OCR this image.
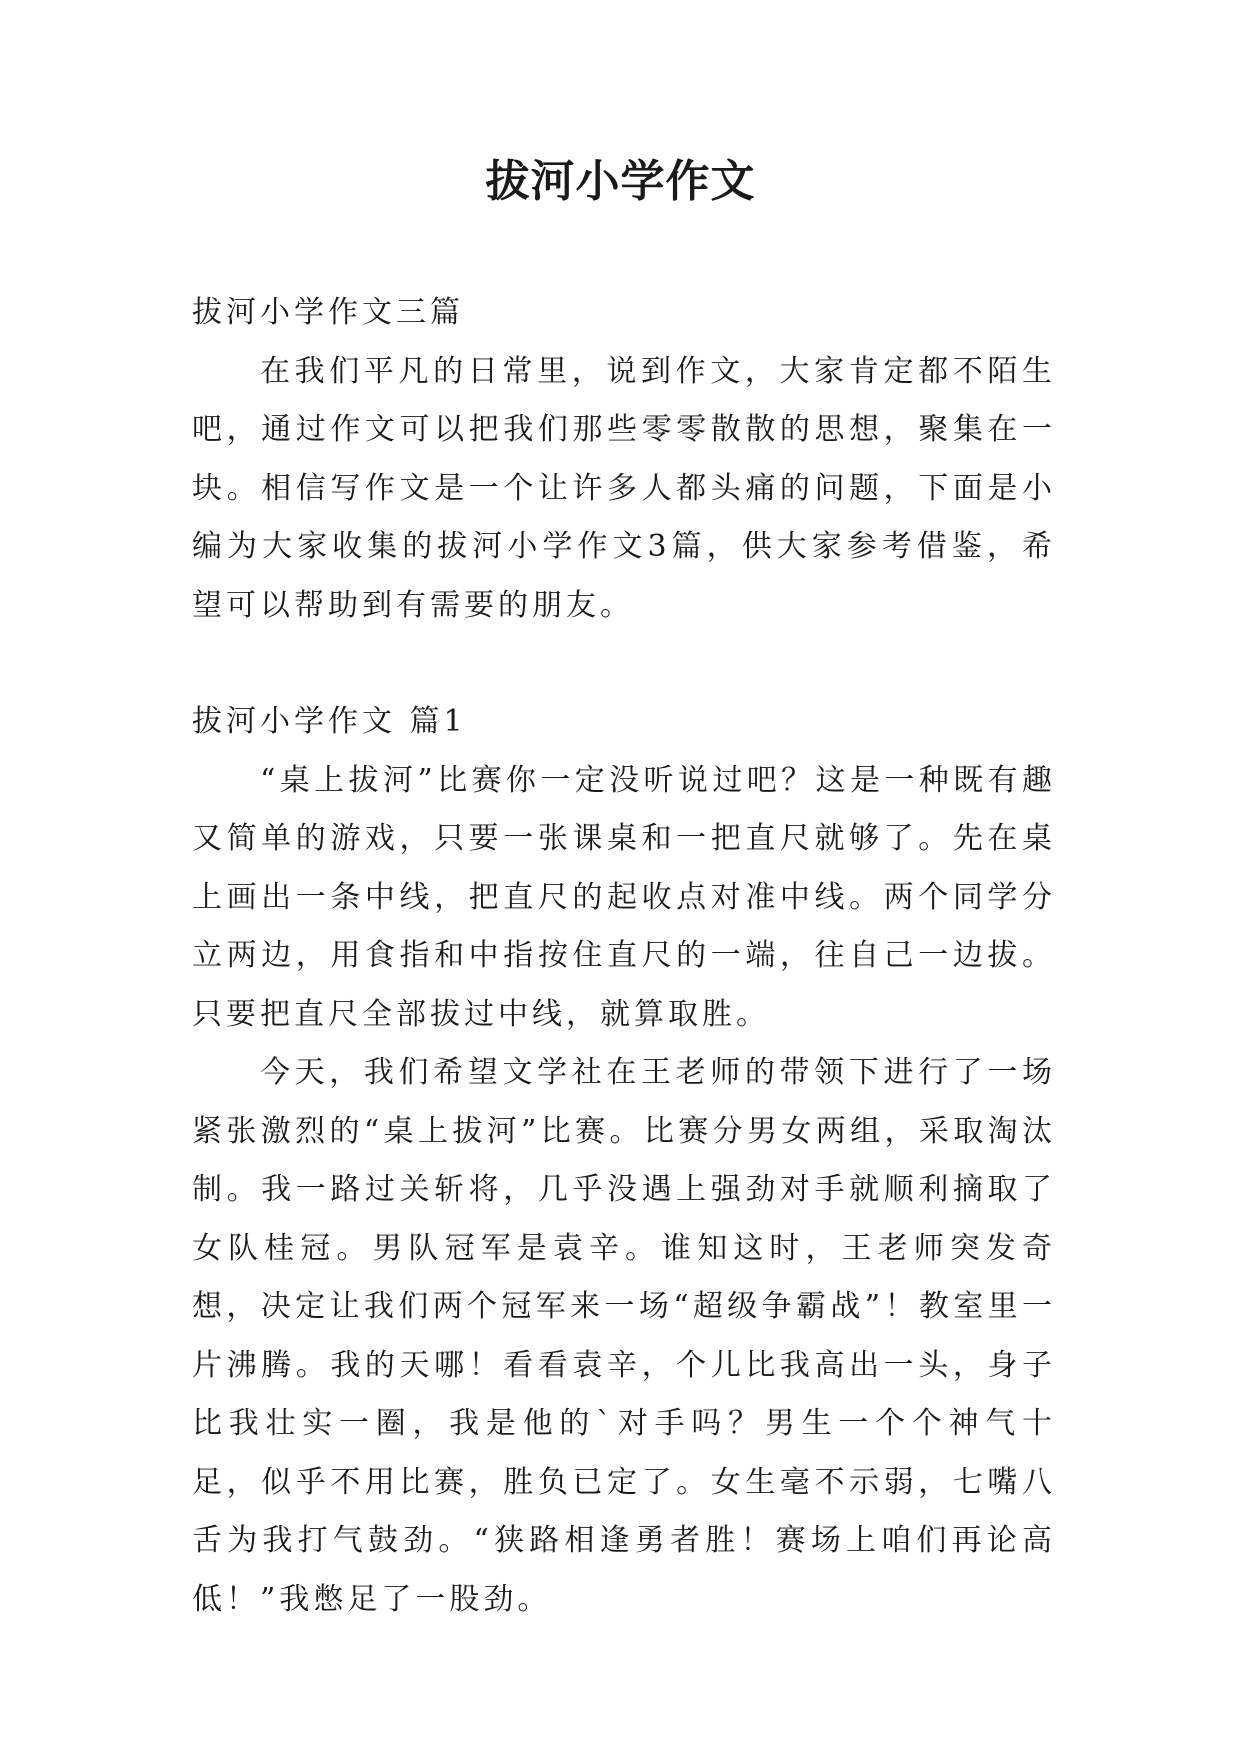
拔河小学作文

拔河小学作文三篇

在我们平凡的日常里，说到作文，大家肯定都不陌生吧，通过作文可以把我们那些零零散散的思想，聚集在一块。相信写作文是一个让许多人都头痛的问题，下面是小编为大家收集的拔河小学作文3篇，供大家参考借鉴，希望可以帮助到有需要的朋友。

拔河小学作文 篇1

“桌上拔河”比赛你一定没听说过吧？这是一种既有趣又简单的游戏，只要一张课桌和一把直尺就够了。先在桌上画出一条中线，把直尺的起收点对准中线。两个同学分立两边，用食指和中指按住直尺的一端，往自己一边拔。只要把直尺全部拔过中线，就算取胜。

今天，我们希望文学社在王老师的带领下进行了一场紧张激烈的“桌上拔河”比赛。比赛分男女两组，采取淘汰制。我一路过关斩将，几乎没遇上强劲对手就顺利摘取了女队桂冠。男队冠军是袁辛。谁知这时，王老师突发奇想，决定让我们两个冠军来一场“超级争霸战”！教室里一片沸腾。我的天哪！看看袁辛，个儿比我高出一头，身子比我壮实一圈，我是他的`对手吗？男生一个个神气十足，似乎不用比赛，胜负已定了。女生毫不示弱，七嘴八舌为我打气鼓劲。“狭路相逢勇者胜！赛场上咱们再论高低！”我憋足了一股劲。
